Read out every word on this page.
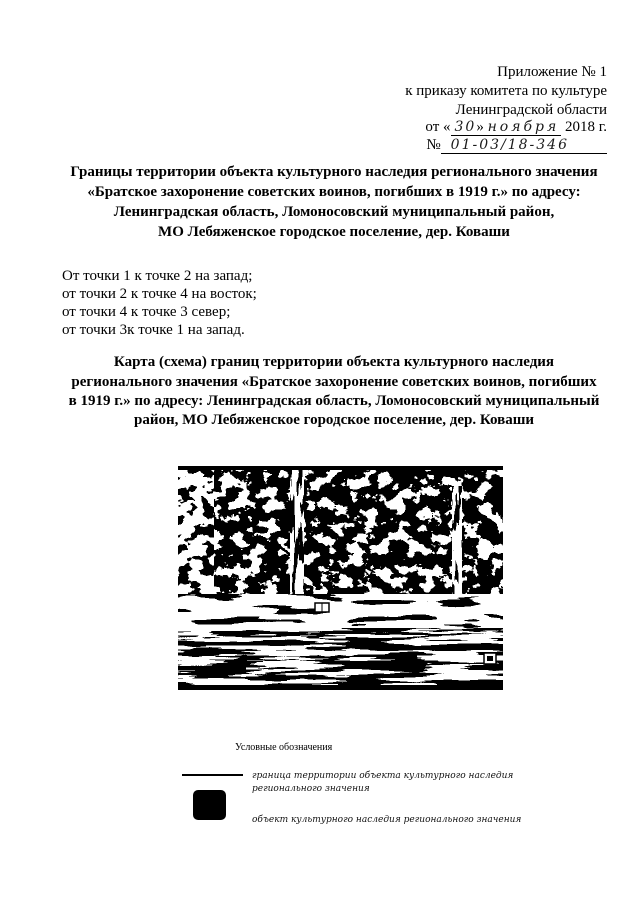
Приложение № 1
к приказу комитета по культуре
Ленинградской области
от « 30» ноября 2018 г.
№ 01-03/18-346
Границы территории объекта культурного наследия регионального значения
«Братское захоронение советских воинов, погибших в 1919 г.» по адресу:
Ленинградская область, Ломоносовский муниципальный район,
МО Лебяженское городское поселение, дер. Коваши
От точки 1 к точке 2 на запад;
от точки 2 к точке 4 на восток;
от точки 4 к точке 3 север;
от точки 3к точке 1 на запад.
Карта (схема) границ территории объекта культурного наследия
регионального значения «Братское захоронение советских воинов, погибших
в 1919 г.» по адресу: Ленинградская область, Ломоносовский муниципальный
район, МО Лебяженское городское поселение, дер. Коваши
Условные обозначения
граница территории объекта культурного наследия
регионального значения
объект культурного наследия регионального значения
